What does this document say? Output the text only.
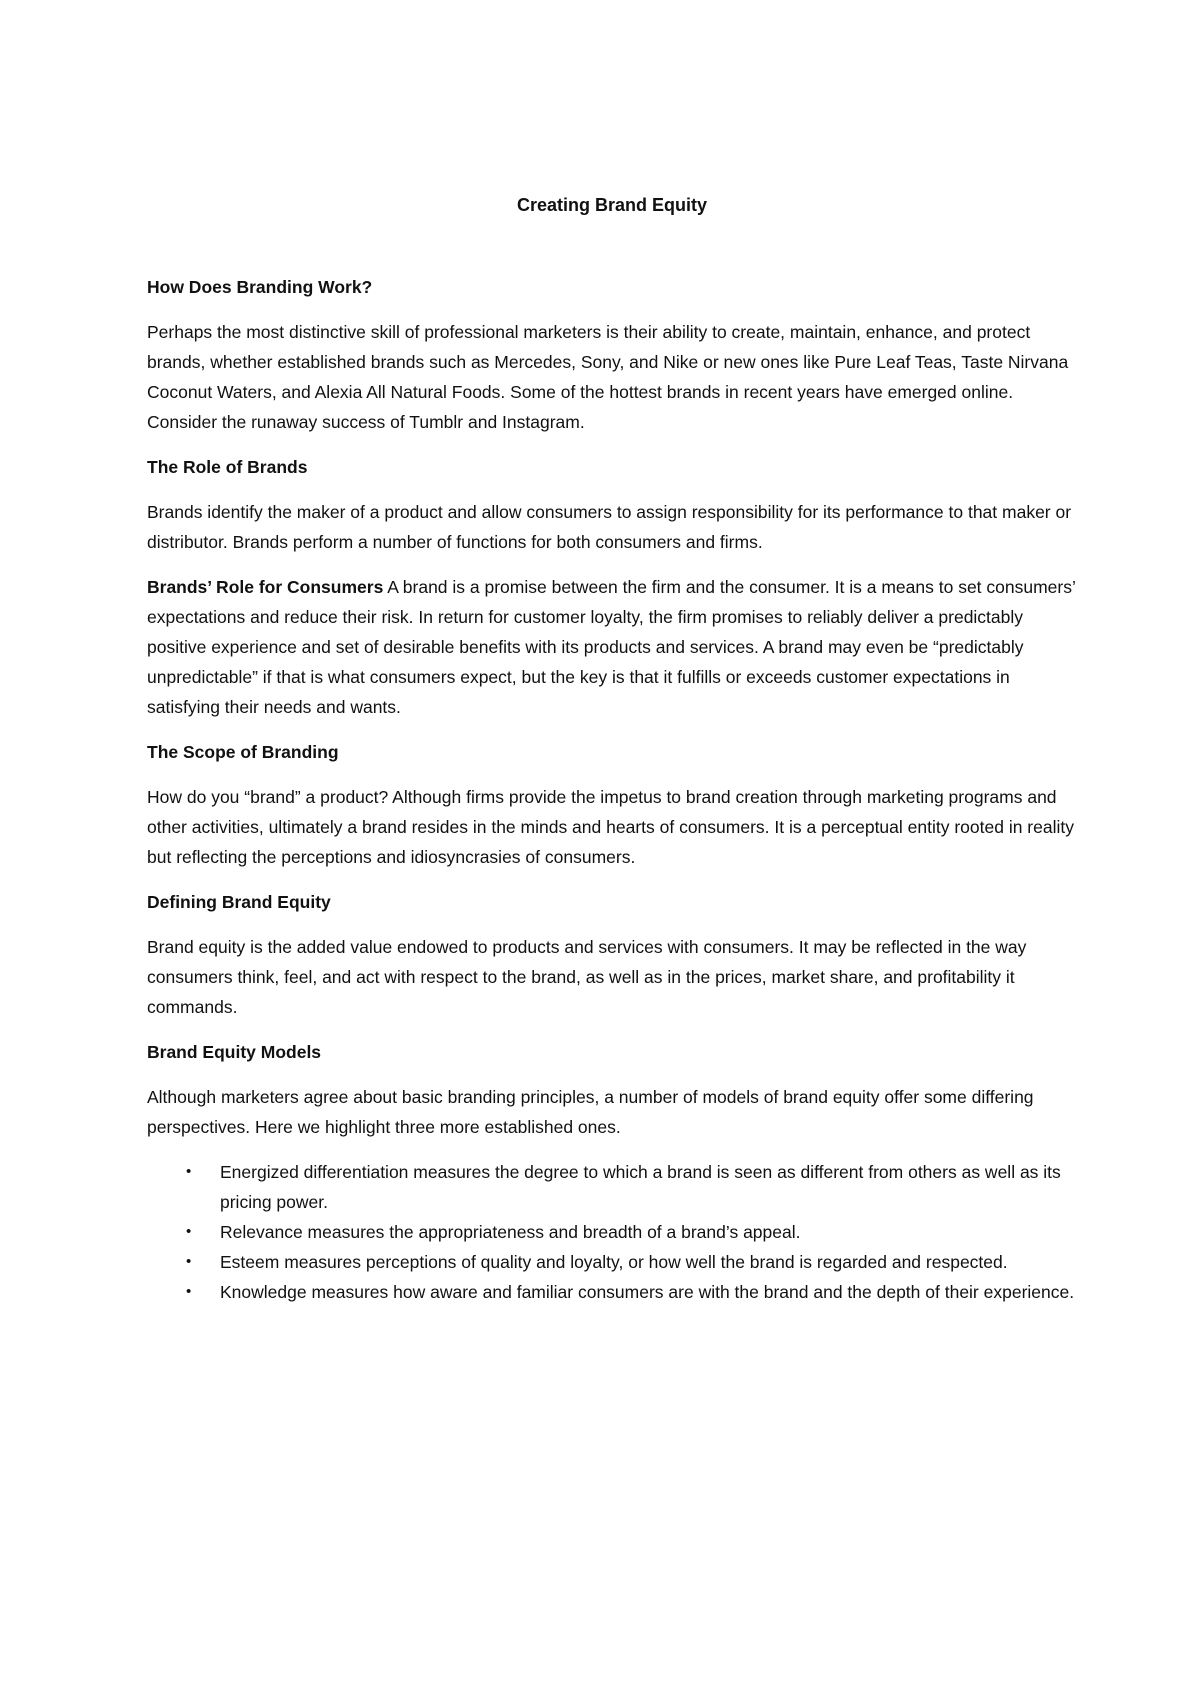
Creating Brand Equity
How Does Branding Work?

Perhaps the most distinctive skill of professional marketers is their ability to create, maintain, enhance, and protect brands, whether established brands such as Mercedes, Sony, and Nike or new ones like Pure Leaf Teas, Taste Nirvana Coconut Waters, and Alexia All Natural Foods. Some of the hottest brands in recent years have emerged online. Consider the runaway success of Tumblr and Instagram.

The Role of Brands

Brands identify the maker of a product and allow consumers to assign responsibility for its performance to that maker or distributor. Brands perform a number of functions for both consumers and firms.

Brands’ Role for Consumers A brand is a promise between the firm and the consumer. It is a means to set consumers’ expectations and reduce their risk. In return for customer loyalty, the firm promises to reliably deliver a predictably positive experience and set of desirable benefits with its products and services. A brand may even be “predictably unpredictable” if that is what consumers expect, but the key is that it fulfills or exceeds customer expectations in satisfying their needs and wants.

The Scope of Branding

How do you “brand” a product? Although firms provide the impetus to brand creation through marketing programs and other activities, ultimately a brand resides in the minds and hearts of consumers. It is a perceptual entity rooted in reality but reflecting the perceptions and idiosyncrasies of consumers.

Defining Brand Equity

Brand equity is the added value endowed to products and services with consumers. It may be reflected in the way consumers think, feel, and act with respect to the brand, as well as in the prices, market share, and profitability it commands.

Brand Equity Models

Although marketers agree about basic branding principles, a number of models of brand equity offer some differing perspectives. Here we highlight three more established ones.

• Energized differentiation measures the degree to which a brand is seen as different from others as well as its pricing power.
• Relevance measures the appropriateness and breadth of a brand’s appeal.
• Esteem measures perceptions of quality and loyalty, or how well the brand is regarded and respected.
• Knowledge measures how aware and familiar consumers are with the brand and the depth of their experience.
